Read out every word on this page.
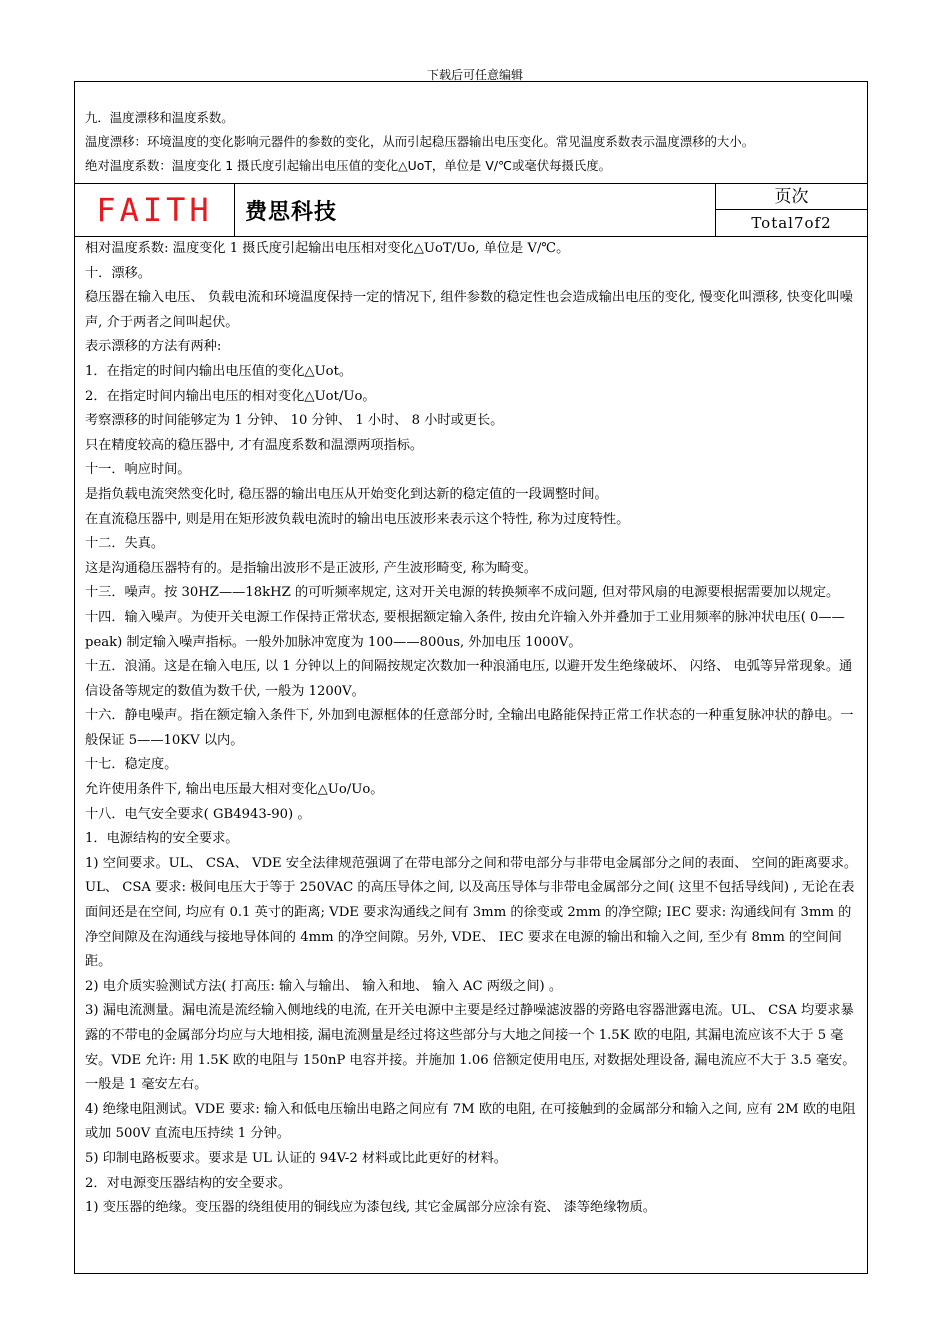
下载后可任意编辑
九．温度漂移和温度系数。
温度漂移：环境温度的变化影响元器件的参数的变化，从而引起稳压器输出电压变化。常见温度系数表示温度漂移的大小。
绝对温度系数：温度变化 1 摄氏度引起输出电压值的变化△UoT，单位是 V/℃或毫伏每摄氏度。
FAITH 费思科技
页次
Total7of2

相对温度系数: 温度变化 1 摄氏度引起输出电压相对变化△UoT/Uo, 单位是 V/℃。

十．漂移。

稳压器在输入电压、 负载电流和环境温度保持一定的情况下, 组件参数的稳定性也会造成输出电压的变化, 慢变化叫漂移, 快变化叫噪声, 介于两者之间叫起伏。

表示漂移的方法有两种:

1．在指定的时间内输出电压值的变化△Uot。

2．在指定时间内输出电压的相对变化△Uot/Uo。

考察漂移的时间能够定为 1 分钟、 10 分钟、 1 小时、 8 小时或更长。

只在精度较高的稳压器中, 才有温度系数和温漂两项指标。

十一．响应时间。

是指负载电流突然变化时, 稳压器的输出电压从开始变化到达新的稳定值的一段调整时间。

在直流稳压器中, 则是用在矩形波负载电流时的输出电压波形来表示这个特性, 称为过度特性。

十二．失真。

这是沟通稳压器特有的。是指输出波形不是正波形, 产生波形畸变, 称为畸变。

十三．噪声。按 30HZ——18kHZ 的可听频率规定, 这对开关电源的转换频率不成问题, 但对带风扇的电源要根据需要加以规定。

十四．输入噪声。为使开关电源工作保持正常状态, 要根据额定输入条件, 按由允许输入外并叠加于工业用频率的脉冲状电压( 0——peak) 制定输入噪声指标。一般外加脉冲宽度为 100——800us, 外加电压 1000V。

十五．浪涌。这是在输入电压, 以 1 分钟以上的间隔按规定次数加一种浪涌电压, 以避开发生绝缘破坏、 闪络、 电弧等异常现象。通信设备等规定的数值为数千伏, 一般为 1200V。

十六．静电噪声。指在额定输入条件下, 外加到电源框体的任意部分时, 全输出电路能保持正常工作状态的一种重复脉冲状的静电。一般保证 5——10KV 以内。

十七．稳定度。

允许使用条件下, 输出电压最大相对变化△Uo/Uo。

十八．电气安全要求( GB4943-90) 。

1．电源结构的安全要求。

1) 空间要求。UL、 CSA、 VDE 安全法律规范强调了在带电部分之间和带电部分与非带电金属部分之间的表面、 空间的距离要求。UL、 CSA 要求: 极间电压大于等于 250VAC 的高压导体之间, 以及高压导体与非带电金属部分之间( 这里不包括导线间) , 无论在表面间还是在空间, 均应有 0.1 英寸的距离; VDE 要求沟通线之间有 3mm 的徐变或 2mm 的净空隙; IEC 要求: 沟通线间有 3mm 的净空间隙及在沟通线与接地导体间的 4mm 的净空间隙。另外, VDE、 IEC 要求在电源的输出和输入之间, 至少有 8mm 的空间间距。

2) 电介质实验测试方法( 打高压: 输入与输出、 输入和地、 输入 AC 两级之间) 。

3) 漏电流测量。漏电流是流经输入侧地线的电流, 在开关电源中主要是经过静噪滤波器的旁路电容器泄露电流。UL、 CSA 均要求暴露的不带电的金属部分均应与大地相接, 漏电流测量是经过将这些部分与大地之间接一个 1.5K 欧的电阻, 其漏电流应该不大于 5 毫安。VDE 允许: 用 1.5K 欧的电阻与 150nP 电容并接。并施加 1.06 倍额定使用电压, 对数据处理设备, 漏电流应不大于 3.5 毫安。一般是 1 毫安左右。

4) 绝缘电阻测试。VDE 要求: 输入和低电压输出电路之间应有 7M 欧的电阻, 在可接触到的金属部分和输入之间, 应有 2M 欧的电阻或加 500V 直流电压持续 1 分钟。

5) 印制电路板要求。要求是 UL 认证的 94V-2 材料或比此更好的材料。

2．对电源变压器结构的安全要求。

1) 变压器的绝缘。变压器的绕组使用的铜线应为漆包线, 其它金属部分应涂有瓷、 漆等绝缘物质。
